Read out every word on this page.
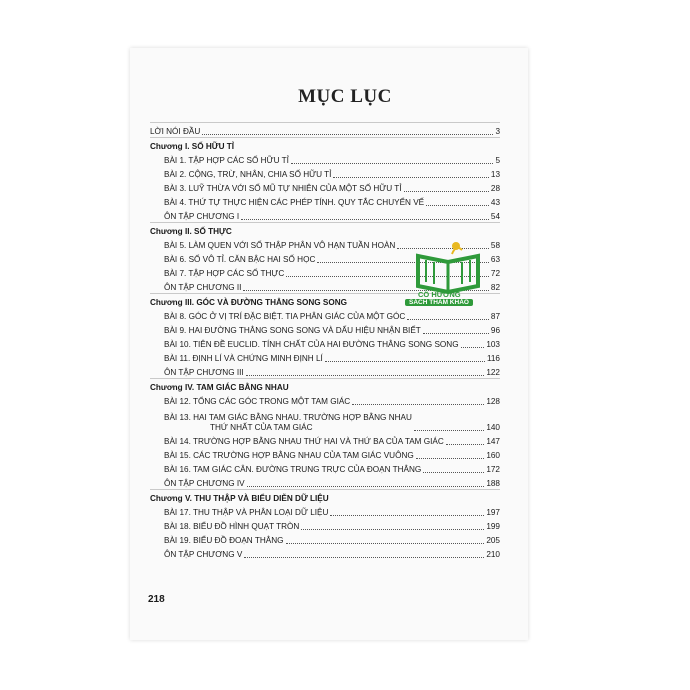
MỤC LỤC
LỜI NÓI ĐẦU	3
Chương I. SỐ HỮU TỈ
BÀI 1. TẬP HỢP CÁC SỐ HỮU TỈ	5
BÀI 2. CỘNG, TRỪ, NHÂN, CHIA SỐ HỮU TỈ	13
BÀI 3. LUỸ THỪA VỚI SỐ MŨ TỰ NHIÊN CỦA MỘT SỐ HỮU TỈ	28
BÀI 4. THỨ TỰ THỰC HIỆN CÁC PHÉP TÍNH. QUY TẮC CHUYỂN VẾ	43
ÔN TẬP CHƯƠNG I	54
Chương II. SỐ THỰC
BÀI 5. LÀM QUEN VỚI SỐ THẬP PHÂN VÔ HẠN TUẦN HOÀN	58
BÀI 6. SỐ VÔ TỈ. CĂN BẬC HAI SỐ HỌC	63
BÀI 7. TẬP HỢP CÁC SỐ THỰC	72
ÔN TẬP CHƯƠNG II	82
Chương III. GÓC VÀ ĐƯỜNG THẲNG SONG SONG
BÀI 8. GÓC Ở VỊ TRÍ ĐẶC BIỆT. TIA PHÂN GIÁC CỦA MỘT GÓC	87
BÀI 9. HAI ĐƯỜNG THẲNG SONG SONG VÀ DẤU HIỆU NHẬN BIẾT	96
BÀI 10. TIÊN ĐỀ EUCLID. TÍNH CHẤT CỦA HAI ĐƯỜNG THẲNG SONG SONG	103
BÀI 11. ĐỊNH LÍ VÀ CHỨNG MINH ĐỊNH LÍ	116
ÔN TẬP CHƯƠNG III	122
Chương IV. TAM GIÁC BẰNG NHAU
BÀI 12. TỔNG CÁC GÓC TRONG MỘT TAM GIÁC	128
BÀI 13. HAI TAM GIÁC BẰNG NHAU. TRƯỜNG HỢP BẰNG NHAU
THỨ NHẤT CỦA TAM GIÁC	140
BÀI 14. TRƯỜNG HỢP BẰNG NHAU THỨ HAI VÀ THỨ BA CỦA TAM GIÁC	147
BÀI 15. CÁC TRƯỜNG HỢP BẰNG NHAU CỦA TAM GIÁC VUÔNG	160
BÀI 16. TAM GIÁC CÂN. ĐƯỜNG TRUNG TRỰC CỦA ĐOẠN THẲNG	172
ÔN TẬP CHƯƠNG IV	188
Chương V. THU THẬP VÀ BIỂU DIỄN DỮ LIỆU
BÀI 17. THU THẬP VÀ PHÂN LOẠI DỮ LIỆU	197
BÀI 18. BIỂU ĐỒ HÌNH QUẠT TRÒN	199
BÀI 19. BIỂU ĐỒ ĐOẠN THẲNG	205
ÔN TẬP CHƯƠNG V	210
CÔ HƯƠNG
SÁCH THAM KHẢO
218
